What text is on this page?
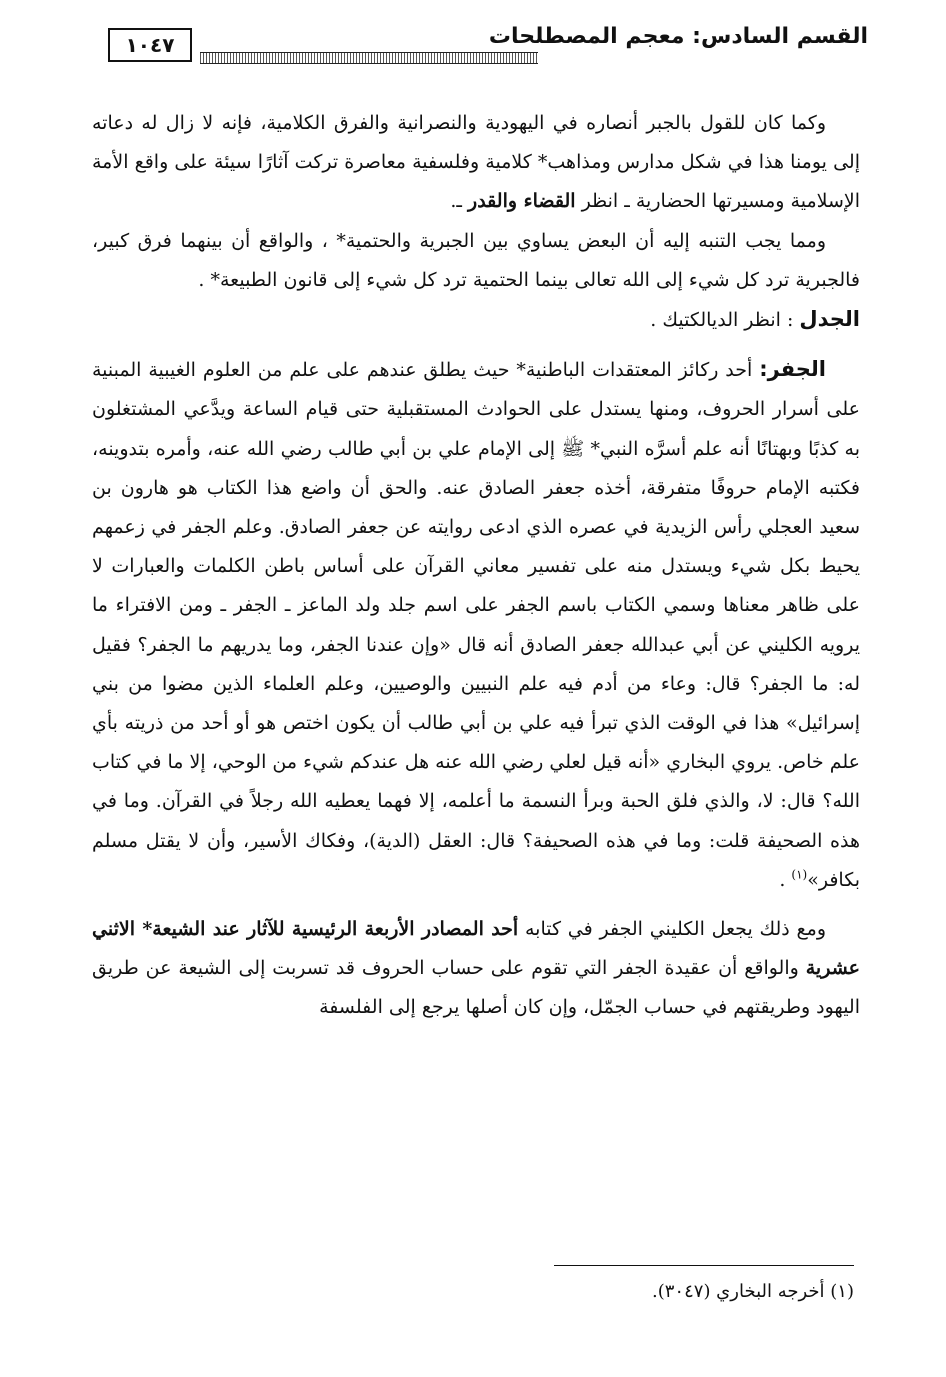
القسم السادس: معجم المصطلحات
١٠٤٧

وكما كان للقول بالجبر أنصاره في اليهودية والنصرانية والفرق الكلامية، فإنه لا زال له دعاته إلى يومنا هذا في شكل مدارس ومذاهب* كلامية وفلسفية معاصرة تركت آثارًا سيئة على واقع الأمة الإسلامية ومسيرتها الحضارية ـ انظر القضاء والقدر ـ.

ومما يجب التنبه إليه أن البعض يساوي بين الجبرية والحتمية* ، والواقع أن بينهما فرق كبير، فالجبرية ترد كل شيء إلى الله تعالى بينما الحتمية ترد كل شيء إلى قانون الطبيعة* .

الجدل : انظر الديالكتيك .

الجفر: أحد ركائز المعتقدات الباطنية* حيث يطلق عندهم على علم من العلوم الغيبية المبنية على أسرار الحروف، ومنها يستدل على الحوادث المستقبلية حتى قيام الساعة ويدَّعي المشتغلون به كذبًا وبهتانًا أنه علم أسرَّه النبي* ﷺ إلى الإمام علي بن أبي طالب رضي الله عنه، وأمره بتدوينه، فكتبه الإمام حروفًا متفرقة، أخذه جعفر الصادق عنه. والحق أن واضع هذا الكتاب هو هارون بن سعيد العجلي رأس الزيدية في عصره الذي ادعى روايته عن جعفر الصادق. وعلم الجفر في زعمهم يحيط بكل شيء ويستدل منه على تفسير معاني القرآن على أساس باطن الكلمات والعبارات لا على ظاهر معناها وسمي الكتاب باسم الجفر على اسم جلد ولد الماعز ـ الجفر ـ ومن الافتراء ما يرويه الكليني عن أبي عبدالله جعفر الصادق أنه قال «وإن عندنا الجفر، وما يدريهم ما الجفر؟ فقيل له: ما الجفر؟ قال: وعاء من أدم فيه علم النبيين والوصيين، وعلم العلماء الذين مضوا من بني إسرائيل» هذا في الوقت الذي تبرأ فيه علي بن أبي طالب أن يكون اختص هو أو أحد من ذريته بأي علم خاص. يروي البخاري «أنه قيل لعلي رضي الله عنه هل عندكم شيء من الوحي، إلا ما في كتاب الله؟ قال: لا، والذي فلق الحبة وبرأ النسمة ما أعلمه، إلا فهما يعطيه الله رجلاً في القرآن. وما في هذه الصحيفة قلت: وما في هذه الصحيفة؟ قال: العقل (الدية)، وفكاك الأسير، وأن لا يقتل مسلم بكافر»$^{(١)}$ .

ومع ذلك يجعل الكليني الجفر في كتابه أحد المصادر الأربعة الرئيسية للآثار عند الشيعة* الاثني عشرية والواقع أن عقيدة الجفر التي تقوم على حساب الحروف قد تسربت إلى الشيعة عن طريق اليهود وطريقتهم في حساب الجمّل، وإن كان أصلها يرجع إلى الفلسفة

(١) أخرجه البخاري (٣٠٤٧).
